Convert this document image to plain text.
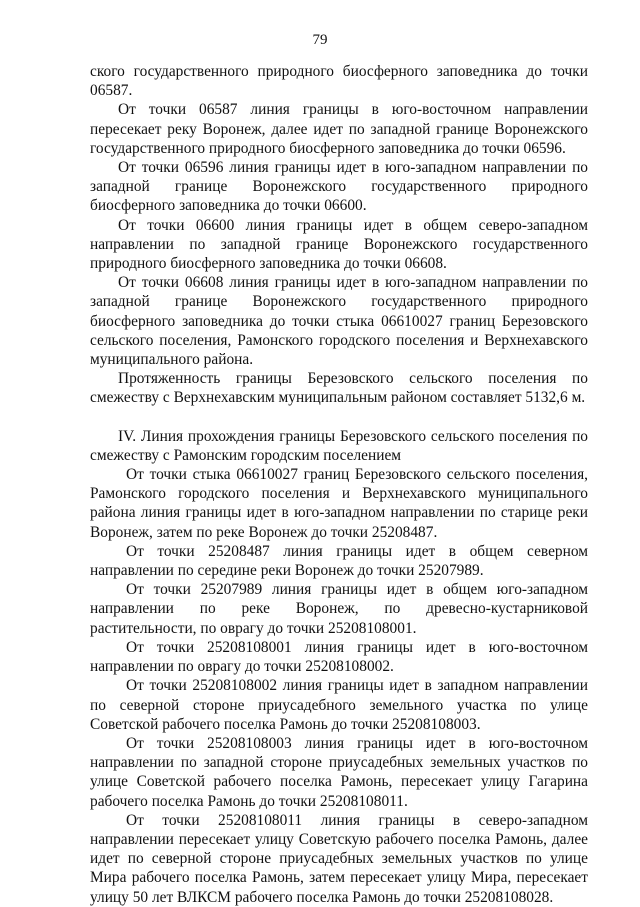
79

ского государственного природного биосферного заповедника до точки 06587.

От точки 06587 линия границы в юго-восточном направлении пересекает реку Воронеж, далее идет по западной границе Воронежского государственного природного биосферного заповедника до точки 06596.

От точки 06596 линия границы идет в юго-западном направлении по западной границе Воронежского государственного природного биосферного заповедника до точки 06600.

От точки 06600 линия границы идет в общем северо-западном направлении по западной границе Воронежского государственного природного биосферного заповедника до точки 06608.

От точки 06608 линия границы идет в юго-западном направлении по западной границе Воронежского государственного природного биосферного заповедника до точки стыка 06610027 границ Березовского сельского поселения, Рамонского городского поселения и Верхнехавского муниципального района.

Протяженность границы Березовского сельского поселения по смежеству с Верхнехавским муниципальным районом составляет 5132,6 м.

IV. Линия прохождения границы Березовского сельского поселения по смежеству с Рамонским городским поселением

От точки стыка 06610027 границ Березовского сельского поселения, Рамонского городского поселения и Верхнехавского муниципального района линия границы идет в юго-западном направлении по старице реки Воронеж, затем по реке Воронеж до точки 25208487.

От точки 25208487 линия границы идет в общем северном направлении по середине реки Воронеж до точки 25207989.

От точки 25207989 линия границы идет в общем юго-западном направлении по реке Воронеж, по древесно-кустарниковой растительности, по оврагу до точки 25208108001.

От точки 25208108001 линия границы идет в юго-восточном направлении по оврагу до точки 25208108002.

От точки 25208108002 линия границы идет в западном направлении по северной стороне приусадебного земельного участка по улице Советской рабочего поселка Рамонь до точки 25208108003.

От точки 25208108003 линия границы идет в юго-восточном направлении по западной стороне приусадебных земельных участков по улице Советской рабочего поселка Рамонь, пересекает улицу Гагарина рабочего поселка Рамонь до точки 25208108011.

От точки 25208108011 линия границы в северо-западном направлении пересекает улицу Советскую рабочего поселка Рамонь, далее идет по северной стороне приусадебных земельных участков по улице Мира рабочего поселка Рамонь, затем пересекает улицу Мира, пересекает улицу 50 лет ВЛКСМ рабочего поселка Рамонь до точки 25208108028.
